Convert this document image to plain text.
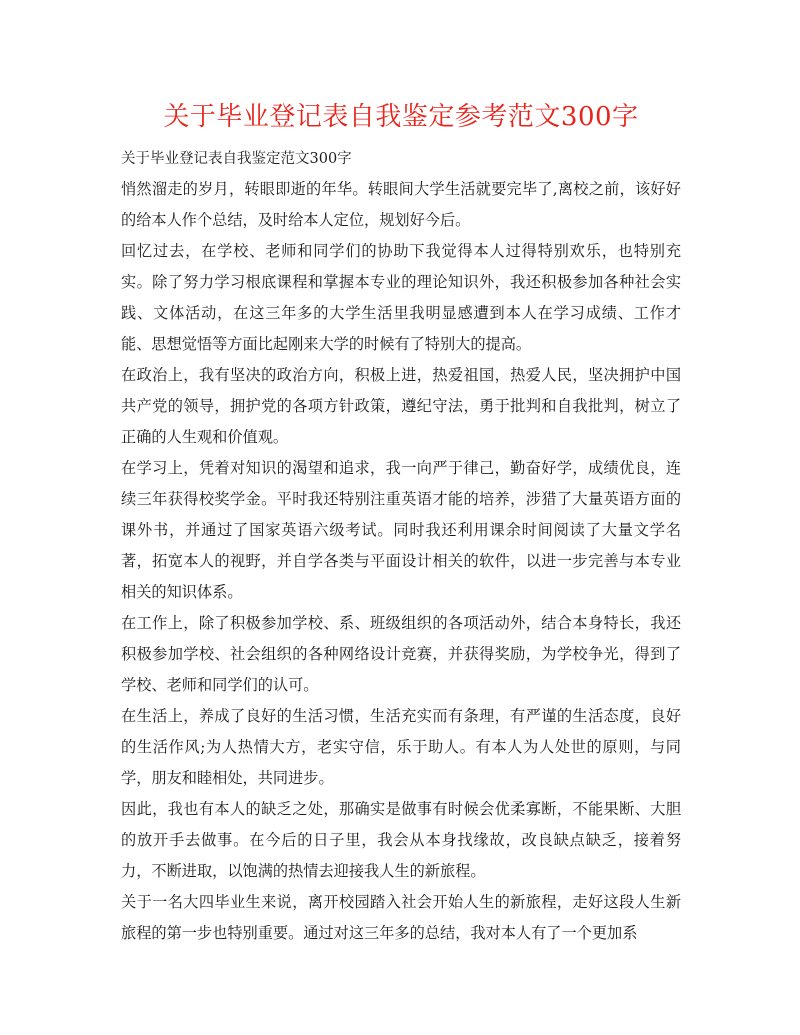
关于毕业登记表自我鉴定参考范文300字

关于毕业登记表自我鉴定范文300字

悄然溜走的岁月，转眼即逝的年华。转眼间大学生活就要完毕了,离校之前，该好好的给本人作个总结，及时给本人定位，规划好今后。

回忆过去，在学校、老师和同学们的协助下我觉得本人过得特别欢乐，也特别充实。除了努力学习根底课程和掌握本专业的理论知识外，我还积极参加各种社会实践、文体活动，在这三年多的大学生活里我明显感遭到本人在学习成绩、工作才能、思想觉悟等方面比起刚来大学的时候有了特别大的提高。

在政治上，我有坚决的政治方向，积极上进，热爱祖国，热爱人民，坚决拥护中国共产党的领导，拥护党的各项方针政策，遵纪守法，勇于批判和自我批判，树立了正确的人生观和价值观。

在学习上，凭着对知识的渴望和追求，我一向严于律己，勤奋好学，成绩优良，连续三年获得校奖学金。平时我还特别注重英语才能的培养，涉猎了大量英语方面的课外书，并通过了国家英语六级考试。同时我还利用课余时间阅读了大量文学名著，拓宽本人的视野，并自学各类与平面设计相关的软件，以进一步完善与本专业相关的知识体系。

在工作上，除了积极参加学校、系、班级组织的各项活动外，结合本身特长，我还积极参加学校、社会组织的各种网络设计竞赛，并获得奖励，为学校争光，得到了学校、老师和同学们的认可。

在生活上，养成了良好的生活习惯，生活充实而有条理，有严谨的生活态度，良好的生活作风;为人热情大方，老实守信，乐于助人。有本人为人处世的原则，与同学，朋友和睦相处，共同进步。

因此，我也有本人的缺乏之处，那确实是做事有时候会优柔寡断，不能果断、大胆的放开手去做事。在今后的日子里，我会从本身找缘故，改良缺点缺乏，接着努力，不断进取，以饱满的热情去迎接我人生的新旅程。

关于一名大四毕业生来说，离开校园踏入社会开始人生的新旅程，走好这段人生新旅程的第一步也特别重要。通过对这三年多的总结，我对本人有了一个更加系
